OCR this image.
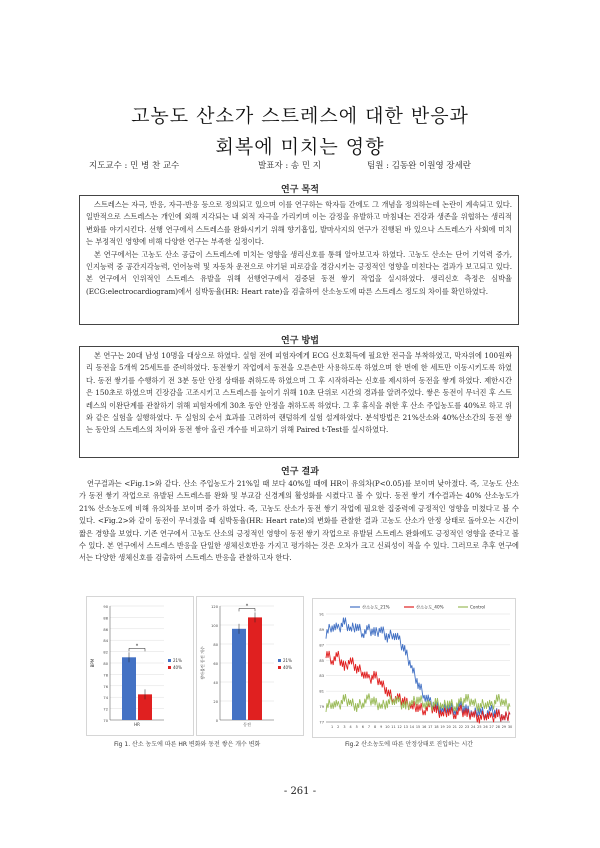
고농도 산소가 스트레스에 대한 반응과
회복에 미치는 영향
지도교수 : 민 병 찬 교수	발표자 : 송 민 지	팀원 : 김동완 이원영 장세란
연구 목적

스트레스는 자극, 반응, 자극-반응 등으로 정의되고 있으며 이를 연구하는 학자들 간에도 그 개념을 정의하는데 논란이 계속되고 있다. 일반적으로 스트레스는 개인에 외해 지각되는 내 외적 자극을 가리키며 이는 감정을 유발하고 마침내는 건강과 생존을 위협하는 생리적 변화를 야기시킨다. 선행 연구에서 스트레스를 완화시키기 위해 향기흡입, 발마사지의 연구가 진행된 바 있으나 스트레스가 사회에 미치는 부정적인 영향에 비해 다양한 연구는 부족한 실정이다.

본 연구에서는 고농도 산소 공급이 스트레스에 미치는 영향을 생리신호를 통해 알아보고자 하였다. 고농도 산소는 단어 기억력 증가, 인지능력 중 공간지각능력, 언어능력 및 자동차 운전으로 야기된 피로감을 경감시키는 긍정적인 영향을 미친다는 결과가 보고되고 있다. 본 연구에서 인위적인 스트레스 유발을 위해 선행연구에서 검증된 동전 쌓기 작업을 실시하였다. 생리신호 측정은 심박율(ECG:electrocardiogram)에서 심박동율(HR: Heart rate)을 검출하여 산소농도에 따른 스트레스 정도의 차이를 확인하였다.

연구 방법

본 연구는 20대 남성 10명을 대상으로 하였다. 실험 전에 피험자에게 ECG 신호획득에 필요한 전극을 부착하였고, 막자위에 100원짜리 동전을 5개씩 25세트를 준비하였다. 동전쌓기 작업에서 동전을 오른손만 사용하도록 하였으며 한 번에 한 세트만 이동시키도록 하였다. 동전 쌓기를 수행하기 전 3분 동안 안정 상태를 취하도록 하였으며 그 후 시작하라는 신호를 제시하여 동전을 쌓게 하였다. 제한시간은 150초로 하였으며 긴장감을 고조시키고 스트레스를 높이기 위해 10초 단위로 시간의 경과를 알려주었다. 쌓은 동전이 무너진 후 스트레스의 이완단계를 관찰하기 위해 피험자에게 30초 동안 안정을 취하도록 하였다. 그 후 휴식을 취한 후 산소 주입농도를 40%로 하고 위 와 같은 실험을 실행하였다. 두 실험의 순서 효과를 고려하여 랜덤하게 실험 설계하였다. 분석방법은 21%산소와 40%산소간의 동전 쌓는 동안의 스트레스의 차이와 동전 쌓아 올린 개수를 비교하기 위해 Paired t-Test를 실시하였다.

연구 결과

연구결과는 <Fig.1>와 같다. 산소 주입농도가 21%일 때 보다 40%일 때에 HR이 유의차(P<0.05)를 보이며 낮아졌다. 즉, 고농도 산소가 동전 쌓기 작업으로 유발된 스트레스를 완화 및 부교감 신경계의 활성화를 시켰다고 볼 수 있다. 동전 쌓기 개수결과는 40% 산소농도가 21% 산소농도에 비해 유의차를 보이며 증가 하였다. 즉, 고농도 산소가 동전 쌓기 작업에 필요한 집중력에 긍정적인 영향을 미쳤다고 볼 수 있다. <Fig.2>와 같이 동전이 무너졌을 때 심박동율(HR: Heart rate)의 변화를 관찰한 결과 고농도 산소가 안정 상태로 돌아오는 시간이 짧은 경향을 보였다. 기존 연구에서 고농도 산소의 긍정적인 영향이 동전 쌓기 작업으로 유발된 스트레스 완화에도 긍정적인 영향을 준다고 볼 수 있다. 본 연구에서 스트레스 반응을 단일한 생체신호반응 가지고 평가하는 것은 오차가 크고 신뢰성이 적을 수 있다. 그러므로 추후 연구에서는 다양한 생체신호를 검출하여 스트레스 반응을 관찰하고자 한다.

70
72
74
76
78
80
82
84
86
88
90
BPM
*
HR
21%
40%
0
20
40
60
80
100
120
쌓아올린 동전 개수
*
동전
21%
40%
77
79
81
83
85
87
89
91
1 2 3 4 5 6 7 8 9 10 11 12 13 14 15 16 17 18 19 20 21 22 23 24 25 26 27 28 29 30
산소농도_21%	산소농도_40%	Control
Fig 1. 산소 농도에 따른 HR 변화와 동전 쌓은 개수 변화	Fig.2 산소농도에 따른 안정상태로 진입하는 시간
- 261 -
